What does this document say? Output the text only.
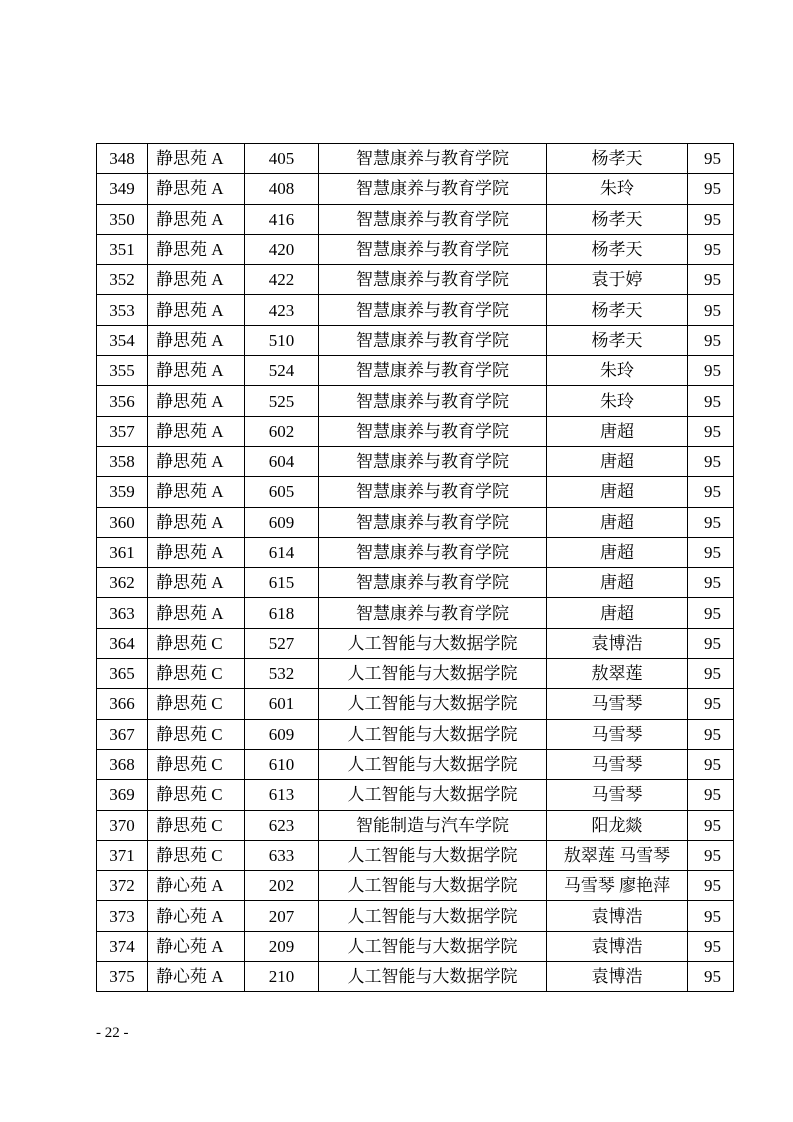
348	静思苑 A	405	智慧康养与教育学院	杨孝天	95
349	静思苑 A	408	智慧康养与教育学院	朱玲	95
350	静思苑 A	416	智慧康养与教育学院	杨孝天	95
351	静思苑 A	420	智慧康养与教育学院	杨孝天	95
352	静思苑 A	422	智慧康养与教育学院	袁于婷	95
353	静思苑 A	423	智慧康养与教育学院	杨孝天	95
354	静思苑 A	510	智慧康养与教育学院	杨孝天	95
355	静思苑 A	524	智慧康养与教育学院	朱玲	95
356	静思苑 A	525	智慧康养与教育学院	朱玲	95
357	静思苑 A	602	智慧康养与教育学院	唐超	95
358	静思苑 A	604	智慧康养与教育学院	唐超	95
359	静思苑 A	605	智慧康养与教育学院	唐超	95
360	静思苑 A	609	智慧康养与教育学院	唐超	95
361	静思苑 A	614	智慧康养与教育学院	唐超	95
362	静思苑 A	615	智慧康养与教育学院	唐超	95
363	静思苑 A	618	智慧康养与教育学院	唐超	95
364	静思苑 C	527	人工智能与大数据学院	袁博浩	95
365	静思苑 C	532	人工智能与大数据学院	敖翠莲	95
366	静思苑 C	601	人工智能与大数据学院	马雪琴	95
367	静思苑 C	609	人工智能与大数据学院	马雪琴	95
368	静思苑 C	610	人工智能与大数据学院	马雪琴	95
369	静思苑 C	613	人工智能与大数据学院	马雪琴	95
370	静思苑 C	623	智能制造与汽车学院	阳龙燚	95
371	静思苑 C	633	人工智能与大数据学院	敖翠莲 马雪琴	95
372	静心苑 A	202	人工智能与大数据学院	马雪琴 廖艳萍	95
373	静心苑 A	207	人工智能与大数据学院	袁博浩	95
374	静心苑 A	209	人工智能与大数据学院	袁博浩	95
375	静心苑 A	210	人工智能与大数据学院	袁博浩	95
- 22 -
